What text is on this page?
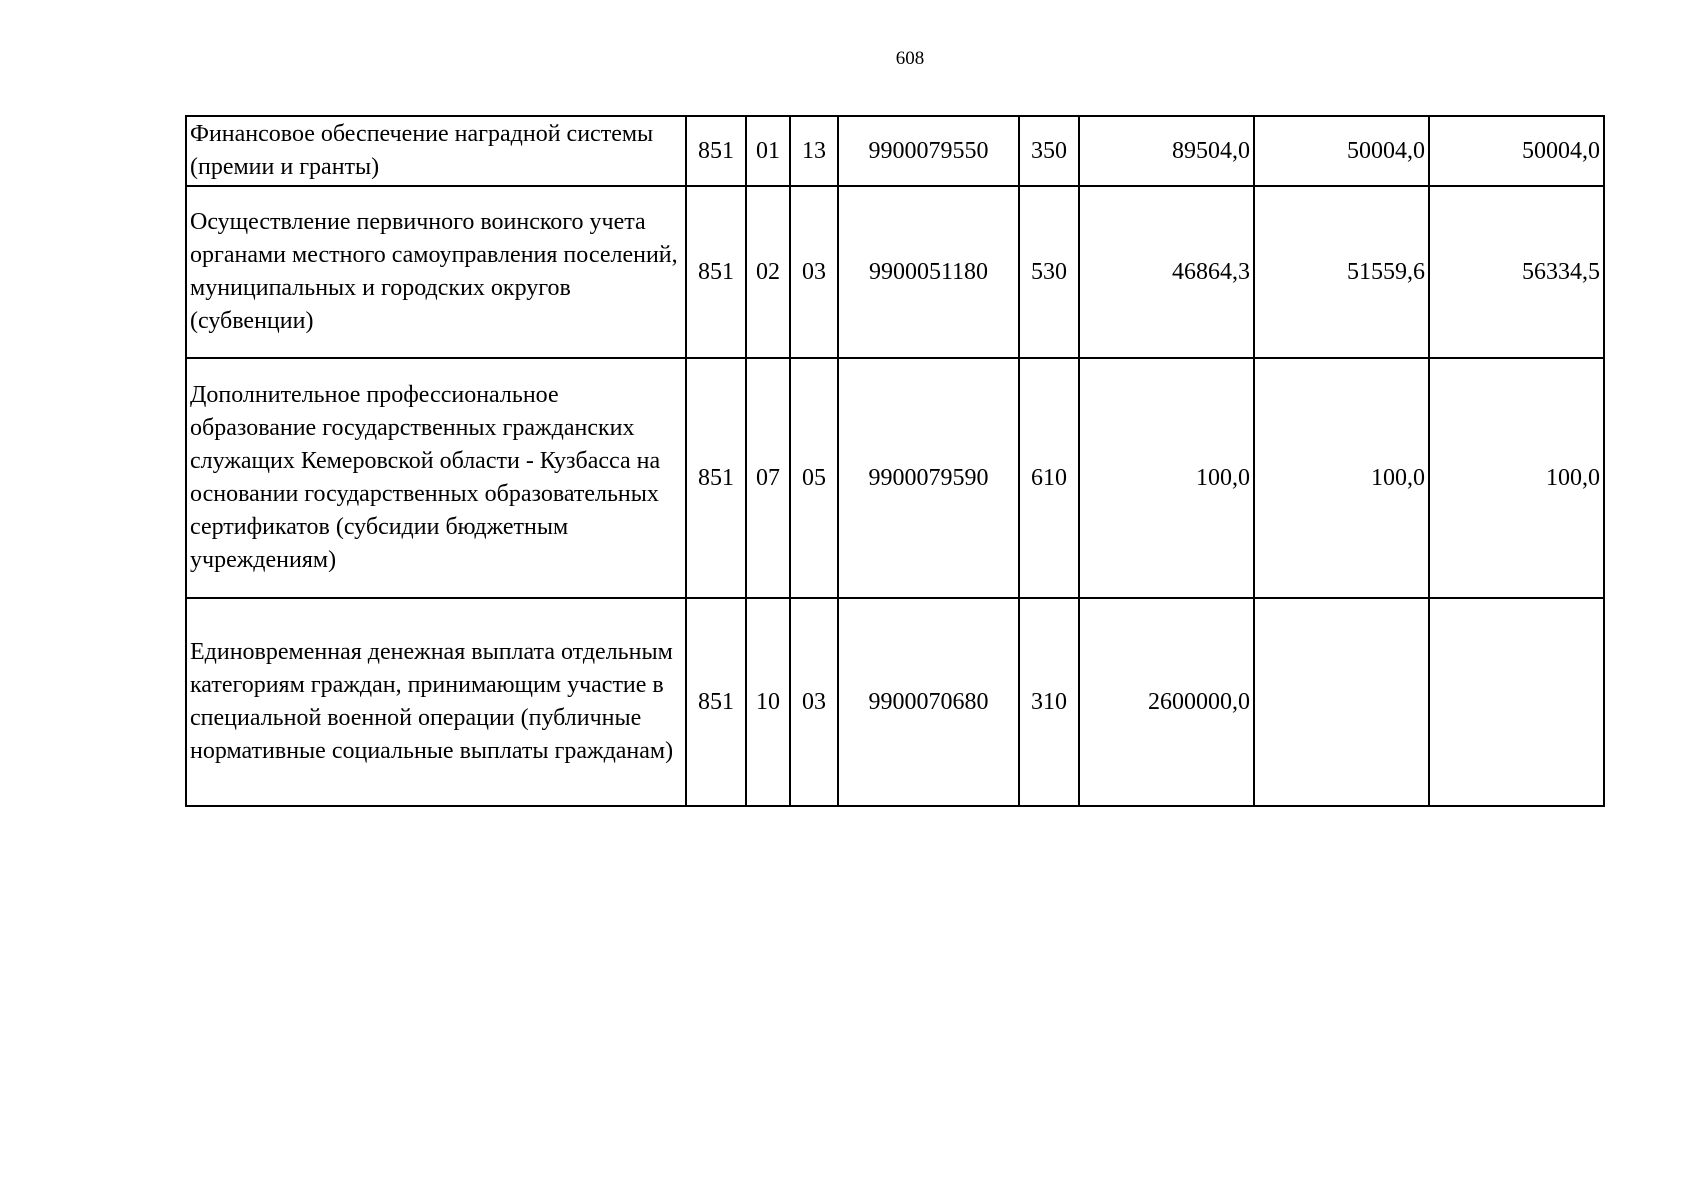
608
Финансовое обеспечение наградной системы (премии и гранты)	851	01	13	9900079550	350	89504,0	50004,0	50004,0
Осуществление первичного воинского учета органами местного самоуправления поселений, муниципальных и городских округов (субвенции)	851	02	03	9900051180	530	46864,3	51559,6	56334,5
Дополнительное профессиональное образование государственных гражданских служащих Кемеровской области - Кузбасса на основании государственных образовательных сертификатов (субсидии бюджетным учреждениям)	851	07	05	9900079590	610	100,0	100,0	100,0
Единовременная денежная выплата отдельным категориям граждан, принимающим участие в специальной военной операции (публичные нормативные социальные выплаты гражданам)	851	10	03	9900070680	310	2600000,0		
